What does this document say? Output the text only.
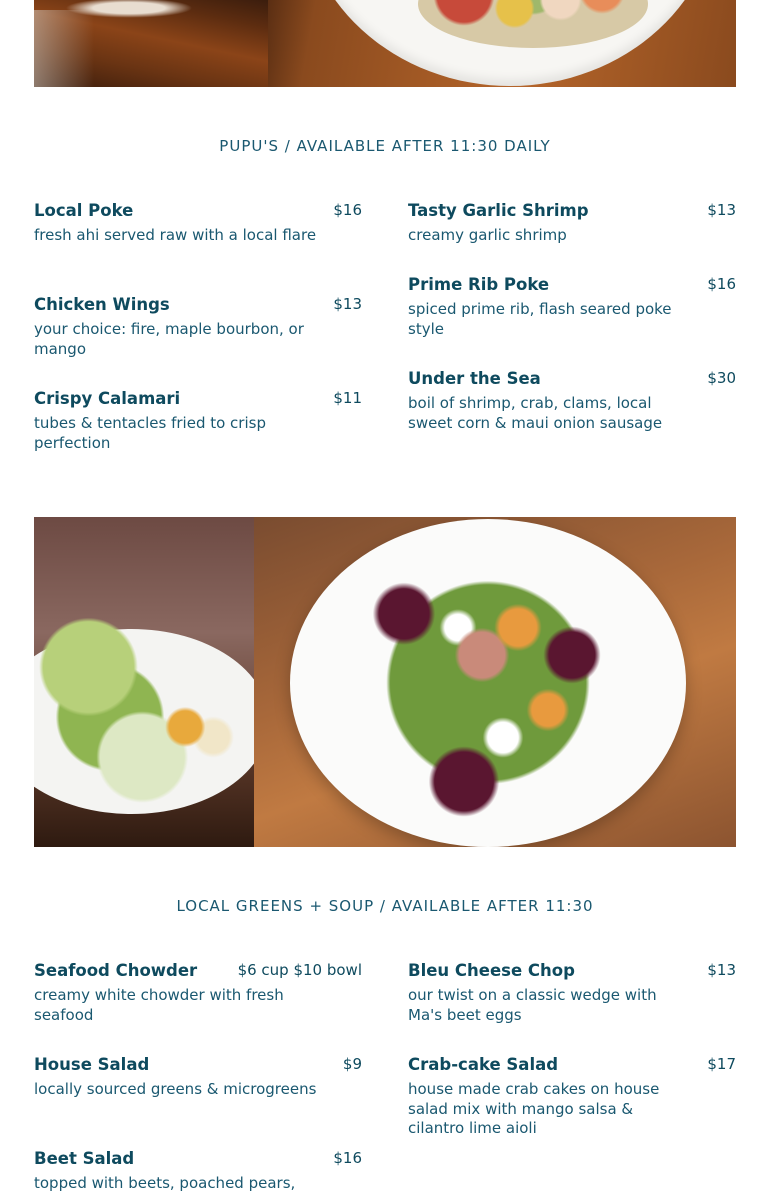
PUPU'S / AVAILABLE AFTER 11:30 DAILY
Local Poke	$16
fresh ahi served raw with a local flare
Tasty Garlic Shrimp	$13
creamy garlic shrimp
Chicken Wings	$13
your choice: fire, maple bourbon, or mango
Prime Rib Poke	$16
spiced prime rib, flash seared poke style
Crispy Calamari	$11
tubes & tentacles fried to crisp perfection
Under the Sea	$30
boil of shrimp, crab, clams, local sweet corn & maui onion sausage
LOCAL GREENS + SOUP / AVAILABLE AFTER 11:30
Seafood Chowder	$6 cup $10 bowl
creamy white chowder with fresh seafood
Bleu Cheese Chop	$13
our twist on a classic wedge with Ma's beet eggs
House Salad	$9
locally sourced greens & microgreens
Crab-cake Salad	$17
house made crab cakes on house salad mix with mango salsa & cilantro lime aioli
Beet Salad	$16
topped with beets, poached pears,
